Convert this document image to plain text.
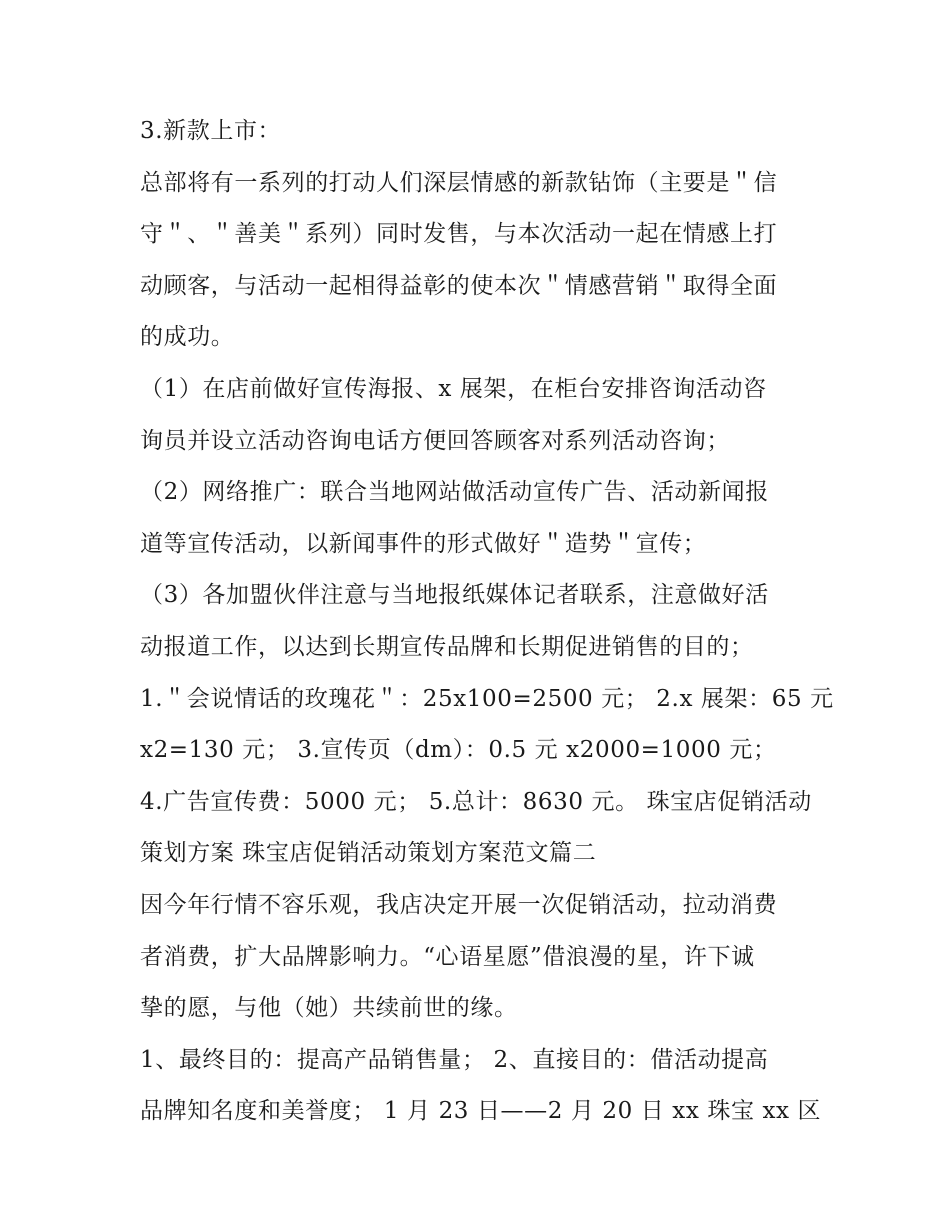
3.新款上市：
总部将有一系列的打动人们深层情感的新款钻饰（主要是＂信
守＂、＂善美＂系列）同时发售，与本次活动一起在情感上打
动顾客，与活动一起相得益彰的使本次＂情感营销＂取得全面
的成功。
（1）在店前做好宣传海报、x 展架，在柜台安排咨询活动咨
询员并设立活动咨询电话方便回答顾客对系列活动咨询；
（2）网络推广：联合当地网站做活动宣传广告、活动新闻报
道等宣传活动，以新闻事件的形式做好＂造势＂宣传；
（3）各加盟伙伴注意与当地报纸媒体记者联系，注意做好活
动报道工作，以达到长期宣传品牌和长期促进销售的目的；
1.＂会说情话的玫瑰花＂：25x100=2500 元； 2.x 展架：65 元
x2=130 元； 3.宣传页（dm）：0.5 元 x2000=1000 元；
4.广告宣传费：5000 元； 5.总计：8630 元。 珠宝店促销活动
策划方案 珠宝店促销活动策划方案范文篇二
因今年行情不容乐观，我店决定开展一次促销活动，拉动消费
者消费，扩大品牌影响力。“心语星愿”借浪漫的星，许下诚
挚的愿，与他（她）共续前世的缘。
1、最终目的：提高产品销售量； 2、直接目的：借活动提高
品牌知名度和美誉度； 1 月 23 日——2 月 20 日 xx 珠宝 xx 区
